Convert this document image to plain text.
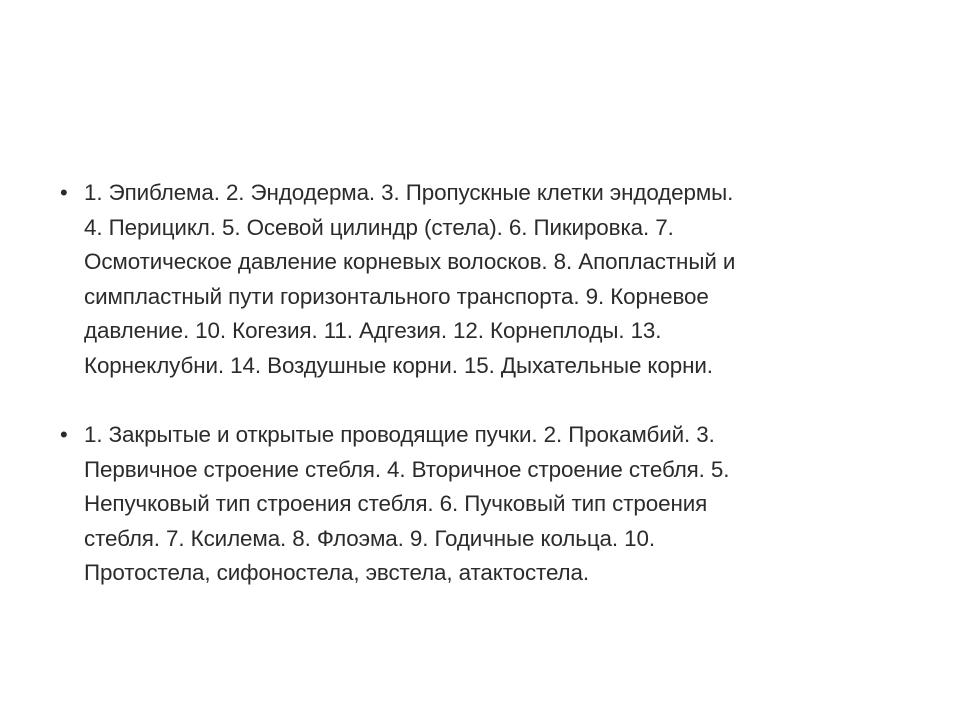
• 1. Эпиблема. 2. Эндодерма. 3. Пропускные клетки эндодермы.
4. Перицикл. 5. Осевой цилиндр (стела). 6. Пикировка. 7.
Осмотическое давление корневых волосков. 8. Апопластный и
симпластный пути горизонтального транспорта. 9. Корневое
давление. 10. Когезия. 11. Адгезия. 12. Корнеплоды. 13.
Корнеклубни. 14. Воздушные корни. 15. Дыхательные корни.
• 1. Закрытые и открытые проводящие пучки. 2. Прокамбий. 3.
Первичное строение стебля. 4. Вторичное строение стебля. 5.
Непучковый тип строения стебля. 6. Пучковый тип строения
стебля. 7. Ксилема. 8. Флоэма. 9. Годичные кольца. 10.
Протостела, сифоностела, эвстела, атактостела.
